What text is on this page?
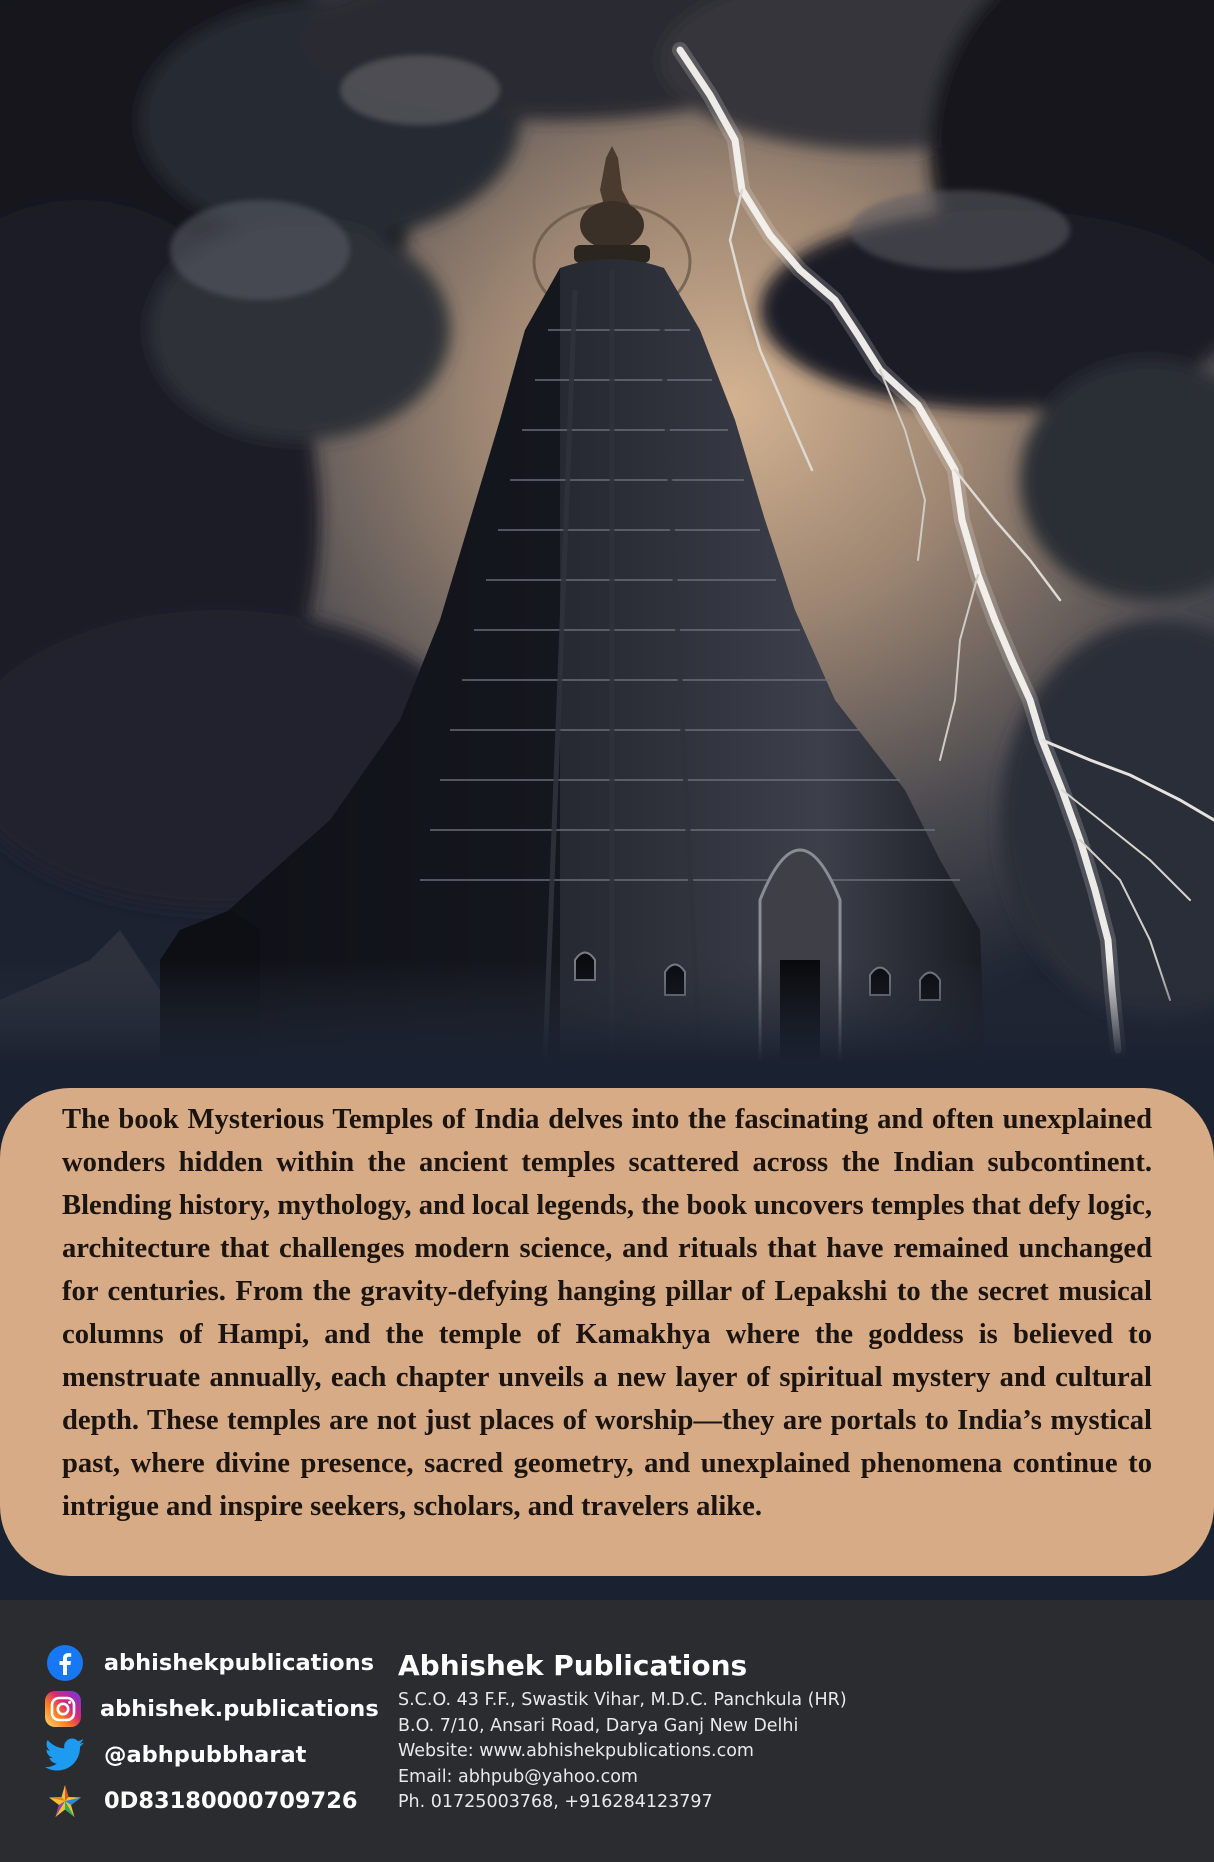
The book Mysterious Temples of India delves into the fascinating and often unexplained wonders hidden within the ancient temples scattered across the Indian subcontinent. Blending history, mythology, and local legends, the book uncovers temples that defy logic, architecture that challenges modern science, and rituals that have remained unchanged for centuries. From the gravity-defying hanging pillar of Lepakshi to the secret musical columns of Hampi, and the temple of Kamakhya where the goddess is believed to menstruate annually, each chapter unveils a new layer of spiritual mystery and cultural depth. These temples are not just places of worship—they are portals to India’s mystical past, where divine presence, sacred geometry, and unexplained phenomena continue to intrigue and inspire seekers, scholars, and travelers alike.

abhishekpublications
abhishek.publications
@abhpubbharat
0D83180000709726
Abhishek Publications
S.C.O. 43 F.F., Swastik Vihar, M.D.C. Panchkula (HR)
B.O. 7/10, Ansari Road, Darya Ganj New Delhi
Website: www.abhishekpublications.com
Email: abhpub@yahoo.com
Ph. 01725003768, +916284123797
